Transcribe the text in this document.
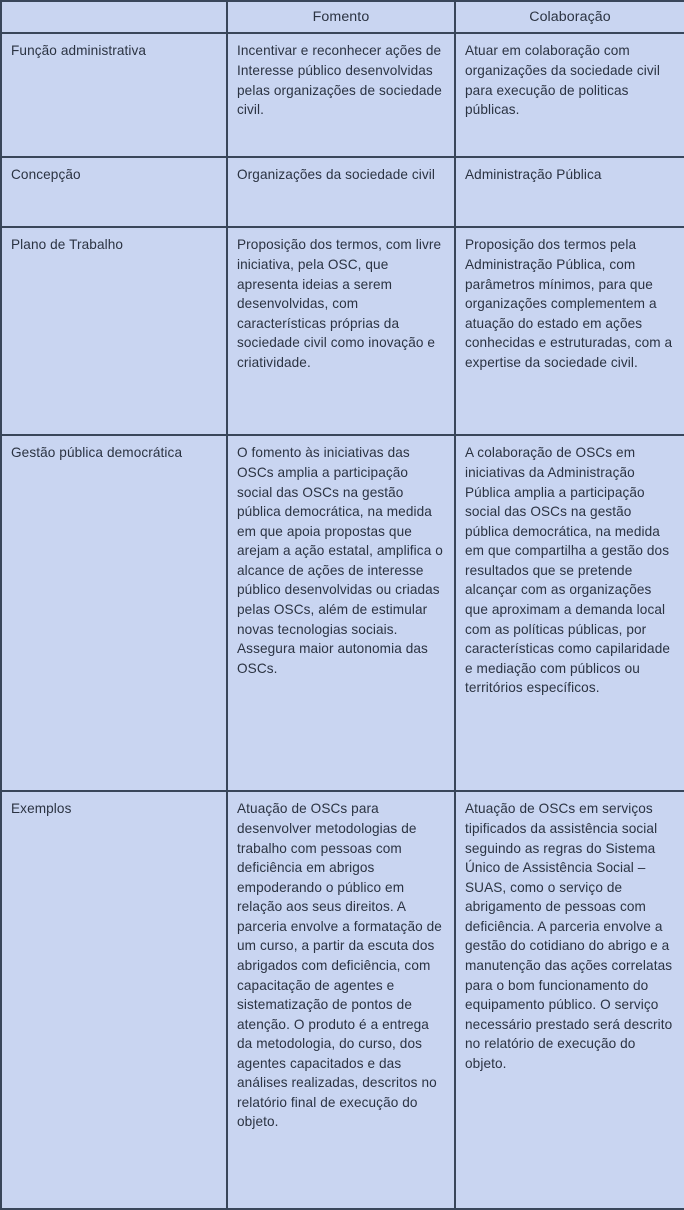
	Fomento	Colaboração
Função administrativa	Incentivar e reconhecer ações de Interesse público desenvolvidas pelas organizações de sociedade civil.	Atuar em colaboração com organizações da sociedade civil para execução de politicas públicas.
Concepção	Organizações da sociedade civil	Administração Pública
Plano de Trabalho	Proposição dos termos, com livre iniciativa, pela OSC, que apresenta ideias a serem desenvolvidas, com características próprias da sociedade civil como inovação e criatividade.	Proposição dos termos pela Administração Pública, com parâmetros mínimos, para que organizações complementem a atuação do estado em ações conhecidas e estruturadas, com a expertise da sociedade civil.
Gestão pública democrática	O fomento às iniciativas das OSCs amplia a participação social das OSCs na gestão pública democrática, na medida em que apoia propostas que arejam a ação estatal, amplifica o alcance de ações de interesse público desenvolvidas ou criadas pelas OSCs, além de estimular novas tecnologias sociais. Assegura maior autonomia das OSCs.	A colaboração de OSCs em iniciativas da Administração Pública amplia a participação social das OSCs na gestão pública democrática, na medida em que compartilha a gestão dos resultados que se pretende alcançar com as organizações que aproximam a demanda local com as políticas públicas, por características como capilaridade e mediação com públicos ou territórios específicos.
Exemplos	Atuação de OSCs para desenvolver metodologias de trabalho com pessoas com deficiência em abrigos empoderando o público em relação aos seus direitos. A parceria envolve a formatação de um curso, a partir da escuta dos abrigados com deficiência, com capacitação de agentes e sistematização de pontos de atenção. O produto é a entrega da metodologia, do curso, dos agentes capacitados e das análises realizadas, descritos no relatório final de execução do objeto.	Atuação de OSCs em serviços tipificados da assistência social seguindo as regras do Sistema Único de Assistência Social – SUAS, como o serviço de abrigamento de pessoas com deficiência. A parceria envolve a gestão do cotidiano do abrigo e a manutenção das ações correlatas para o bom funcionamento do equipamento público. O serviço necessário prestado será descrito no relatório de execução do objeto.
